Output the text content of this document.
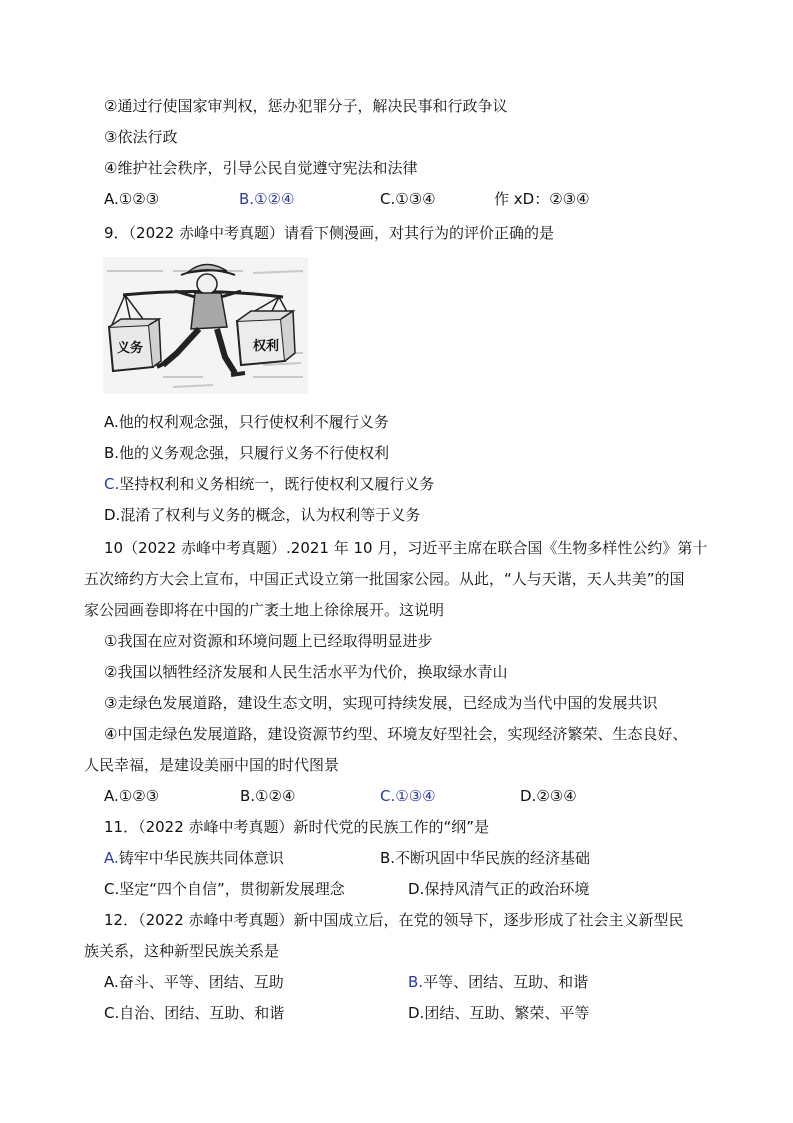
②通过行使国家审判权，惩办犯罪分子，解决民事和行政争议
③依法行政
④维护社会秩序，引导公民自觉遵守宪法和法律
A.①②③	B.①②④	C.①③④	作 xD：②③④
9．（2022 赤峰中考真题）请看下侧漫画，对其行为的评价正确的是
义务	权利
A.他的权利观念强，只行使权利不履行义务
B.他的义务观念强，只履行义务不行使权利
C.坚持权利和义务相统一，既行使权利又履行义务
D.混淆了权利与义务的概念，认为权利等于义务
10（2022 赤峰中考真题）.2021 年 10 月，习近平主席在联合国《生物多样性公约》第十
五次缔约方大会上宣布，中国正式设立第一批国家公园。从此，“人与天谐，天人共美”的国
家公园画卷即将在中国的广袤土地上徐徐展开。这说明
①我国在应对资源和环境问题上已经取得明显进步
②我国以牺牲经济发展和人民生活水平为代价，换取绿水青山
③走绿色发展道路，建设生态文明，实现可持续发展，已经成为当代中国的发展共识
④中国走绿色发展道路，建设资源节约型、环境友好型社会，实现经济繁荣、生态良好、
人民幸福，是建设美丽中国的时代图景
A.①②③	B.①②④	C.①③④	D.②③④
11．（2022 赤峰中考真题）新时代党的民族工作的“纲”是
A.铸牢中华民族共同体意识	B.不断巩固中华民族的经济基础
C.坚定“四个自信”，贯彻新发展理念	D.保持风清气正的政治环境
12．（2022 赤峰中考真题）新中国成立后，在党的领导下，逐步形成了社会主义新型民
族关系，这种新型民族关系是
A.奋斗、平等、团结、互助	B.平等、团结、互助、和谐
C.自治、团结、互助、和谐	D.团结、互助、繁荣、平等
